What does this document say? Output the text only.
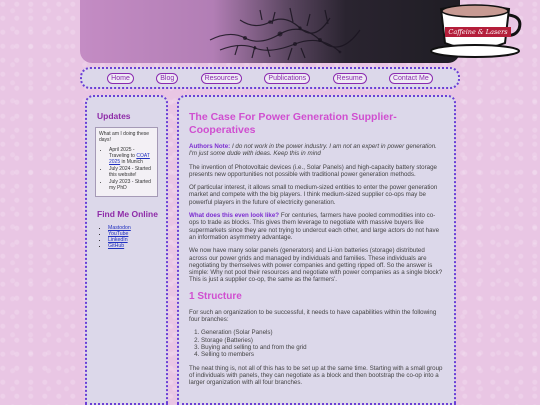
Caffeine & Lasers
Home	Blog	Resources	Publications	Resume	Contact Me
Updates
What am I doing these days!
• April 2025 - Traveling to COAT 2025 in Munich
• July 2024 - Started this website!
• July 2023 - Started my PhD
Find Me Online
• Mastodon
• YouTube
• LinkedIn
• GitHub
The Case For Power Generation Supplier-Cooperatives

Authors Note: I do not work in the power industry. I am not an expert in power generation. I'm just some dude with ideas. Keep this in mind

The invention of Photovoltaic devices (i.e., Solar Panels) and high-capacity battery storage presents new opportunities not possible with traditional power generation methods.

Of particular interest, it allows small to medium-sized entities to enter the power generation market and compete with the big players. I think medium-sized supplier co-ops may be powerful players in the future of electricity generation.

What does this even look like? For centuries, farmers have pooled commodities into co-ops to trade as blocks. This gives them leverage to negotiate with massive buyers like supermarkets since they are not trying to undercut each other, and large actors do not have an information asymmetry advantage.

We now have many solar panels (generators) and Li-ion batteries (storage) distributed across our power grids and managed by individuals and families. These individuals are negotiating by themselves with power companies and getting ripped off. So the answer is simple: Why not pool their resources and negotiate with power companies as a single block? This is just a supplier co-op, the same as the farmers'.

1 Structure

For such an organization to be successful, it needs to have capabilities within the following four branches:

1. Generation (Solar Panels)
2. Storage (Batteries)
3. Buying and selling to and from the grid
4. Selling to members

The neat thing is, not all of this has to be set up at the same time. Starting with a small group of individuals with panels, they can negotiate as a block and then bootstrap the co-op into a larger organization with all four branches.
